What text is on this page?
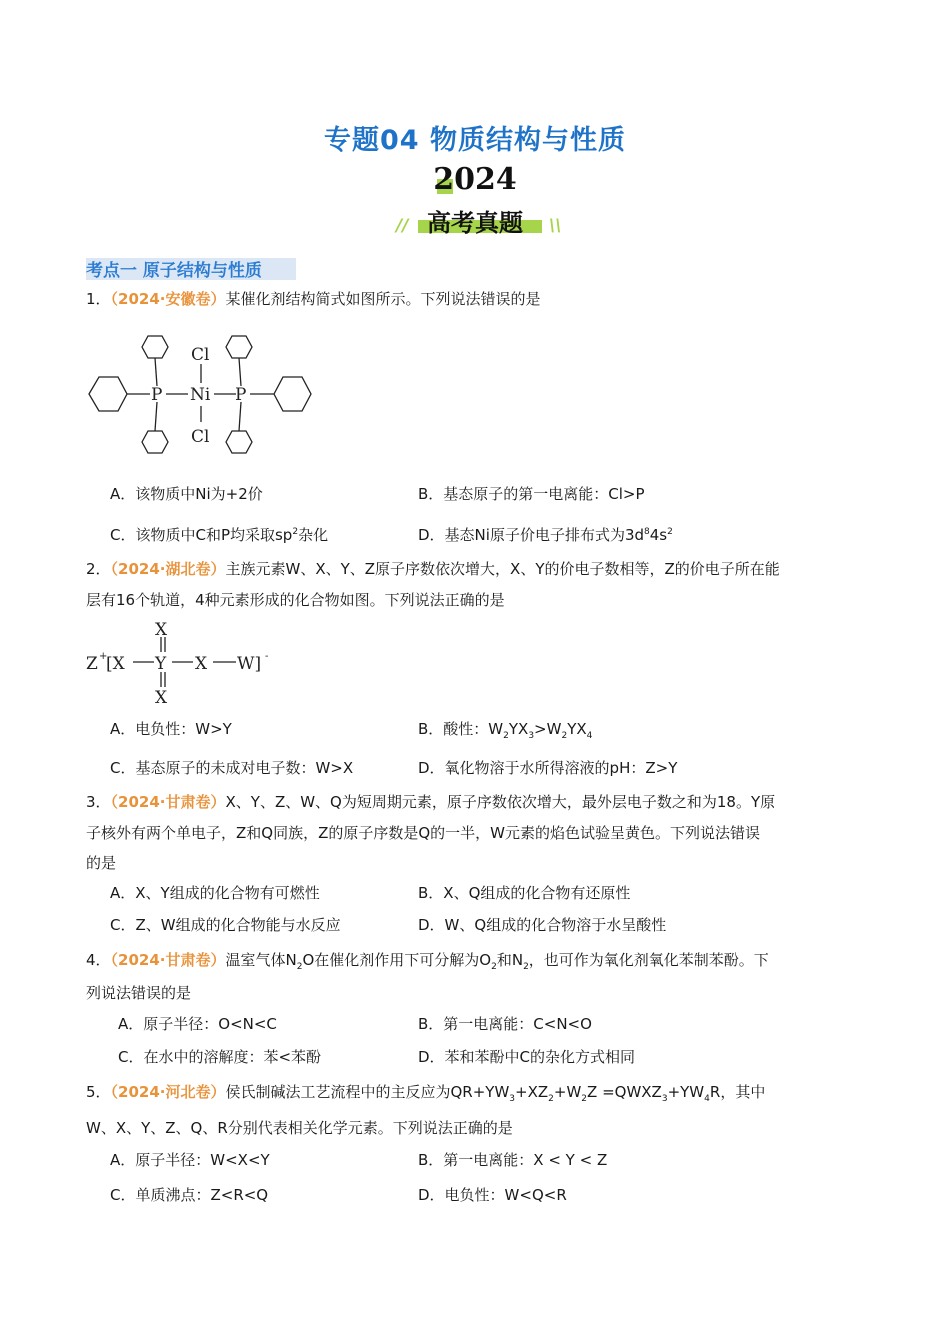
专题04 物质结构与性质
2024
高考真题
//	\\
考点一 原子结构与性质
1．（2024·安徽卷）某催化剂结构简式如图所示。下列说法错误的是
P Ni P
Cl
Cl
A．该物质中Ni为+2价	B．基态原子的第一电离能：Cl>P
C．该物质中C和P均采取$sp^2$杂化	D．基态Ni原子价电子排布式为$3d^84s^2$
2．（2024·湖北卷）主族元素W、X、Y、Z原子序数依次增大，X、Y的价电子数相等，Z的价电子所在能
层有16个轨道，4种元素形成的化合物如图。下列说法正确的是
X
X
Z +
[X Y X W] -
A．电负性：W>Y	B．酸性：$W_2YX_3>W_2YX_4$
C．基态原子的未成对电子数：W>X	D．氧化物溶于水所得溶液的pH：Z>Y
3．（2024·甘肃卷）X、Y、Z、W、Q为短周期元素，原子序数依次增大，最外层电子数之和为18。Y原
子核外有两个单电子，Z和Q同族，Z的原子序数是Q的一半，W元素的焰色试验呈黄色。下列说法错误
的是
A．X、Y组成的化合物有可燃性	B．X、Q组成的化合物有还原性
C．Z、W组成的化合物能与水反应	D．W、Q组成的化合物溶于水呈酸性
4．（2024·甘肃卷）温室气体$N_2O$在催化剂作用下可分解为$O_2$和$N_2$，也可作为氧化剂氧化苯制苯酚。下
列说法错误的是
A．原子半径：O<N<C	B．第一电离能：C<N<O
C．在水中的溶解度：苯<苯酚	D．苯和苯酚中C的杂化方式相同
5．（2024·河北卷）侯氏制碱法工艺流程中的主反应为$QR+YW_3+XZ_2+W_2Z$ $=QWXZ_3+YW_4R$，其中
W、X、Y、Z、Q、R分别代表相关化学元素。下列说法正确的是
A．原子半径：W<X<Y	B．第一电离能：X < Y < Z
C．单质沸点：Z<R<Q	D．电负性：W<Q<R
